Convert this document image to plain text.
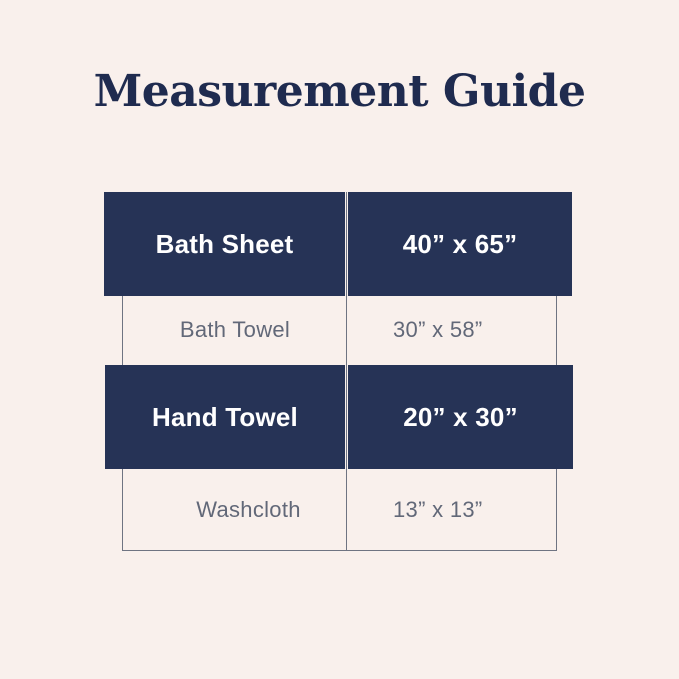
Measurement Guide
Bath Sheet	40” x 65”
Bath Towel	30” x 58”
Hand Towel	20” x 30”
Washcloth	13” x 13”
